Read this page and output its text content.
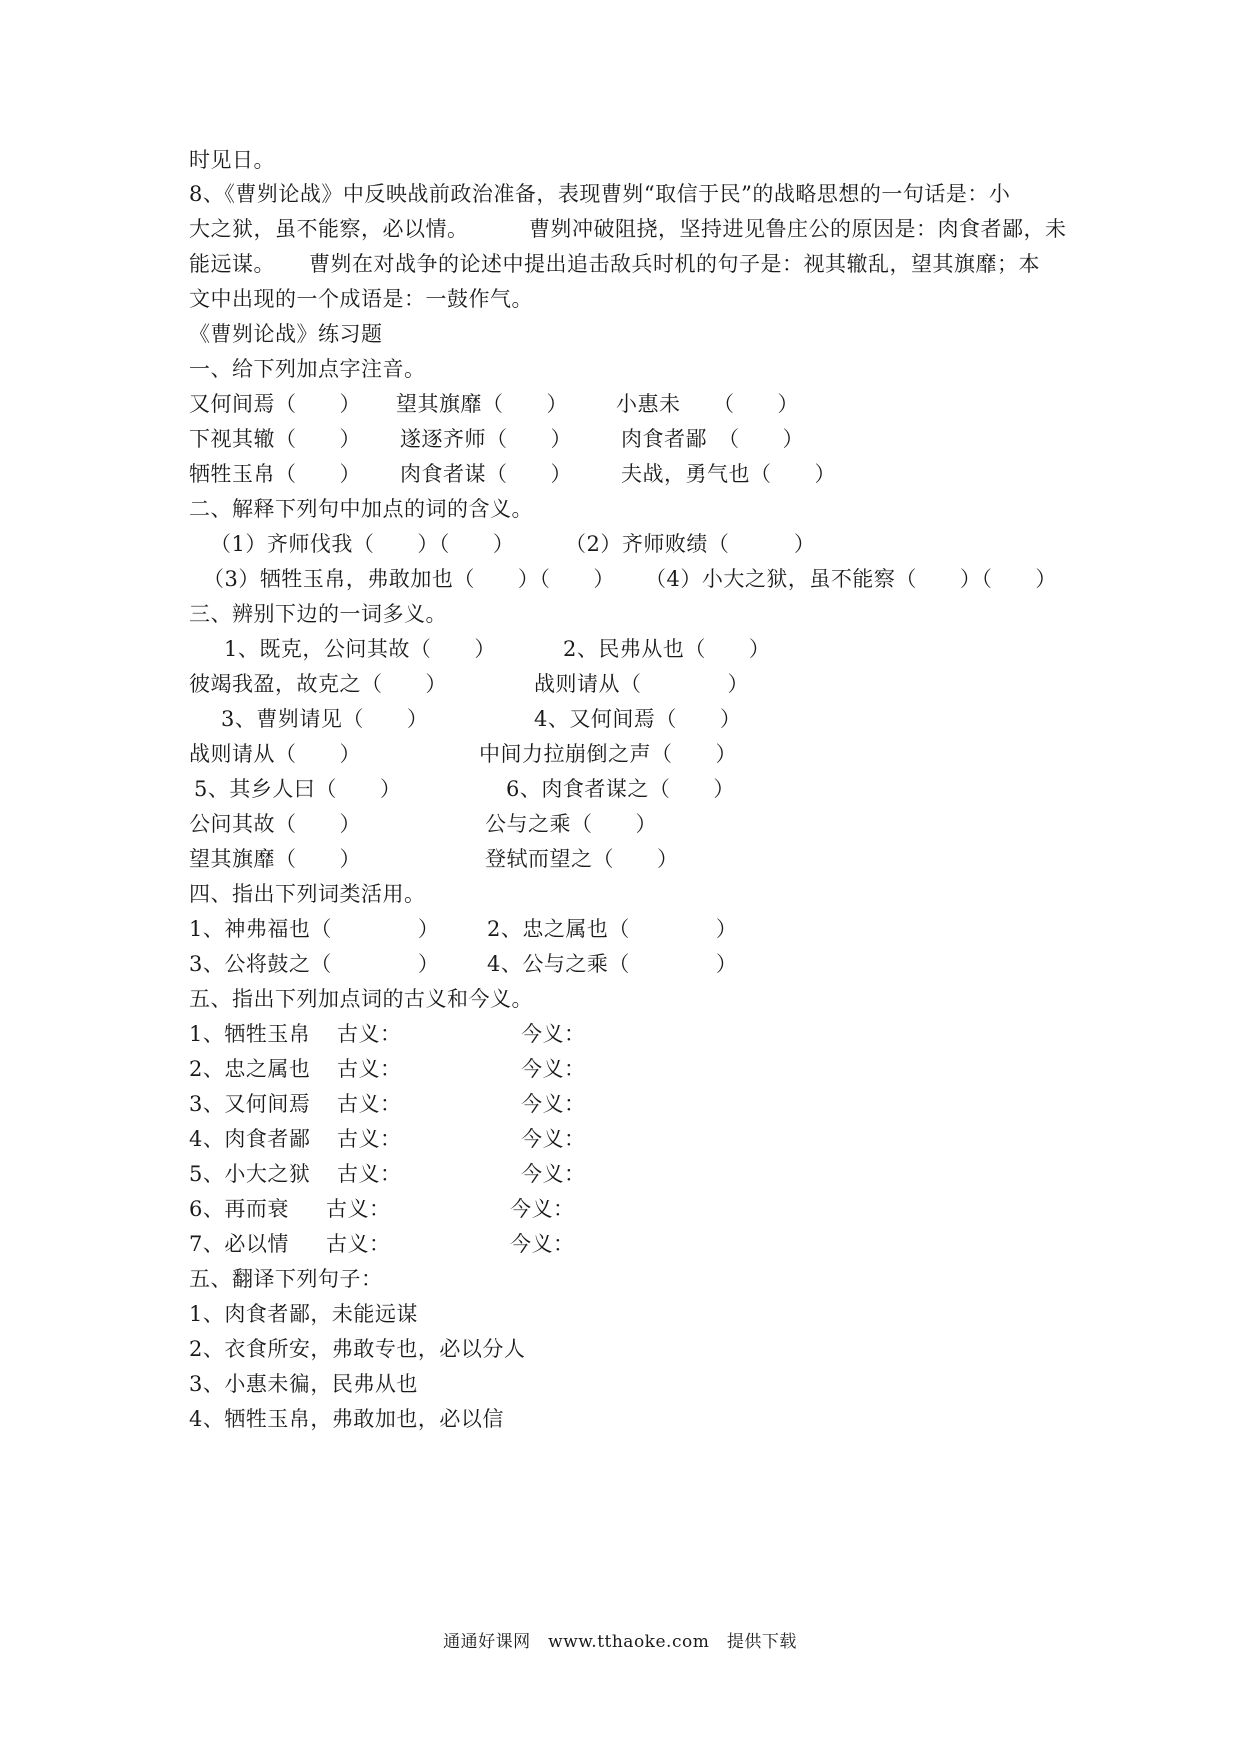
时见日。
8、《曹刿论战》中反映战前政治准备，表现曹刿“取信于民”的战略思想的一句话是：小
大之狱，虽不能察，必以情。	曹刿冲破阻挠，坚持进见鲁庄公的原因是：肉食者鄙，未
能远谋。 曹刿在对战争的论述中提出追击敌兵时机的句子是：视其辙乱，望其旗靡；本
文中出现的一个成语是：一鼓作气。
《曹刿论战》练习题
一、给下列加点字注音。
又何间焉（　　） 望其旗靡（　　） 小惠未　　（　　）
下视其辙（　　） 遂逐齐师（　　） 肉食者鄙　（　　）
牺牲玉帛（　　） 肉食者谋（　　） 夫战，勇气也（　　）
二、解释下列句中加点的词的含义。
（1）齐师伐我（　　）（　　） （2）齐师败绩（　　　）
（3）牺牲玉帛，弗敢加也（　　）（　　） （4）小大之狱，虽不能察（　　）（　　）
三、辨别下边的一词多义。
1、既克，公问其故（　　）	2、民弗从也（　　）
彼竭我盈，故克之（　　）	战则请从（　　　　）
3、曹刿请见（　　）	4、又何间焉（　　）
战则请从（　　）	中间力拉崩倒之声（　　）
5、其乡人曰（　　）	6、肉食者谋之（　　）
公问其故（　　）	公与之乘（　　）
望其旗靡（　　）	登轼而望之（　　）
四、指出下列词类活用。
1、神弗福也（　　　　） 2、忠之属也（　　　　）
3、公将鼓之（　　　　） 4、公与之乘（　　　　）
五、指出下列加点词的古义和今义。
1、牺牲玉帛 古义：	今义：
2、忠之属也 古义：	今义：
3、又何间焉 古义：	今义：
4、肉食者鄙 古义：	今义：
5、小大之狱 古义：	今义：
6、再而衰 古义：	今义：
7、必以情 古义：	今义：
五、翻译下列句子：
1、肉食者鄙，未能远谋
2、衣食所安，弗敢专也，必以分人
3、小惠未徧，民弗从也
4、牺牲玉帛，弗敢加也，必以信
通通好课网　www.tthaoke.com　提供下载
